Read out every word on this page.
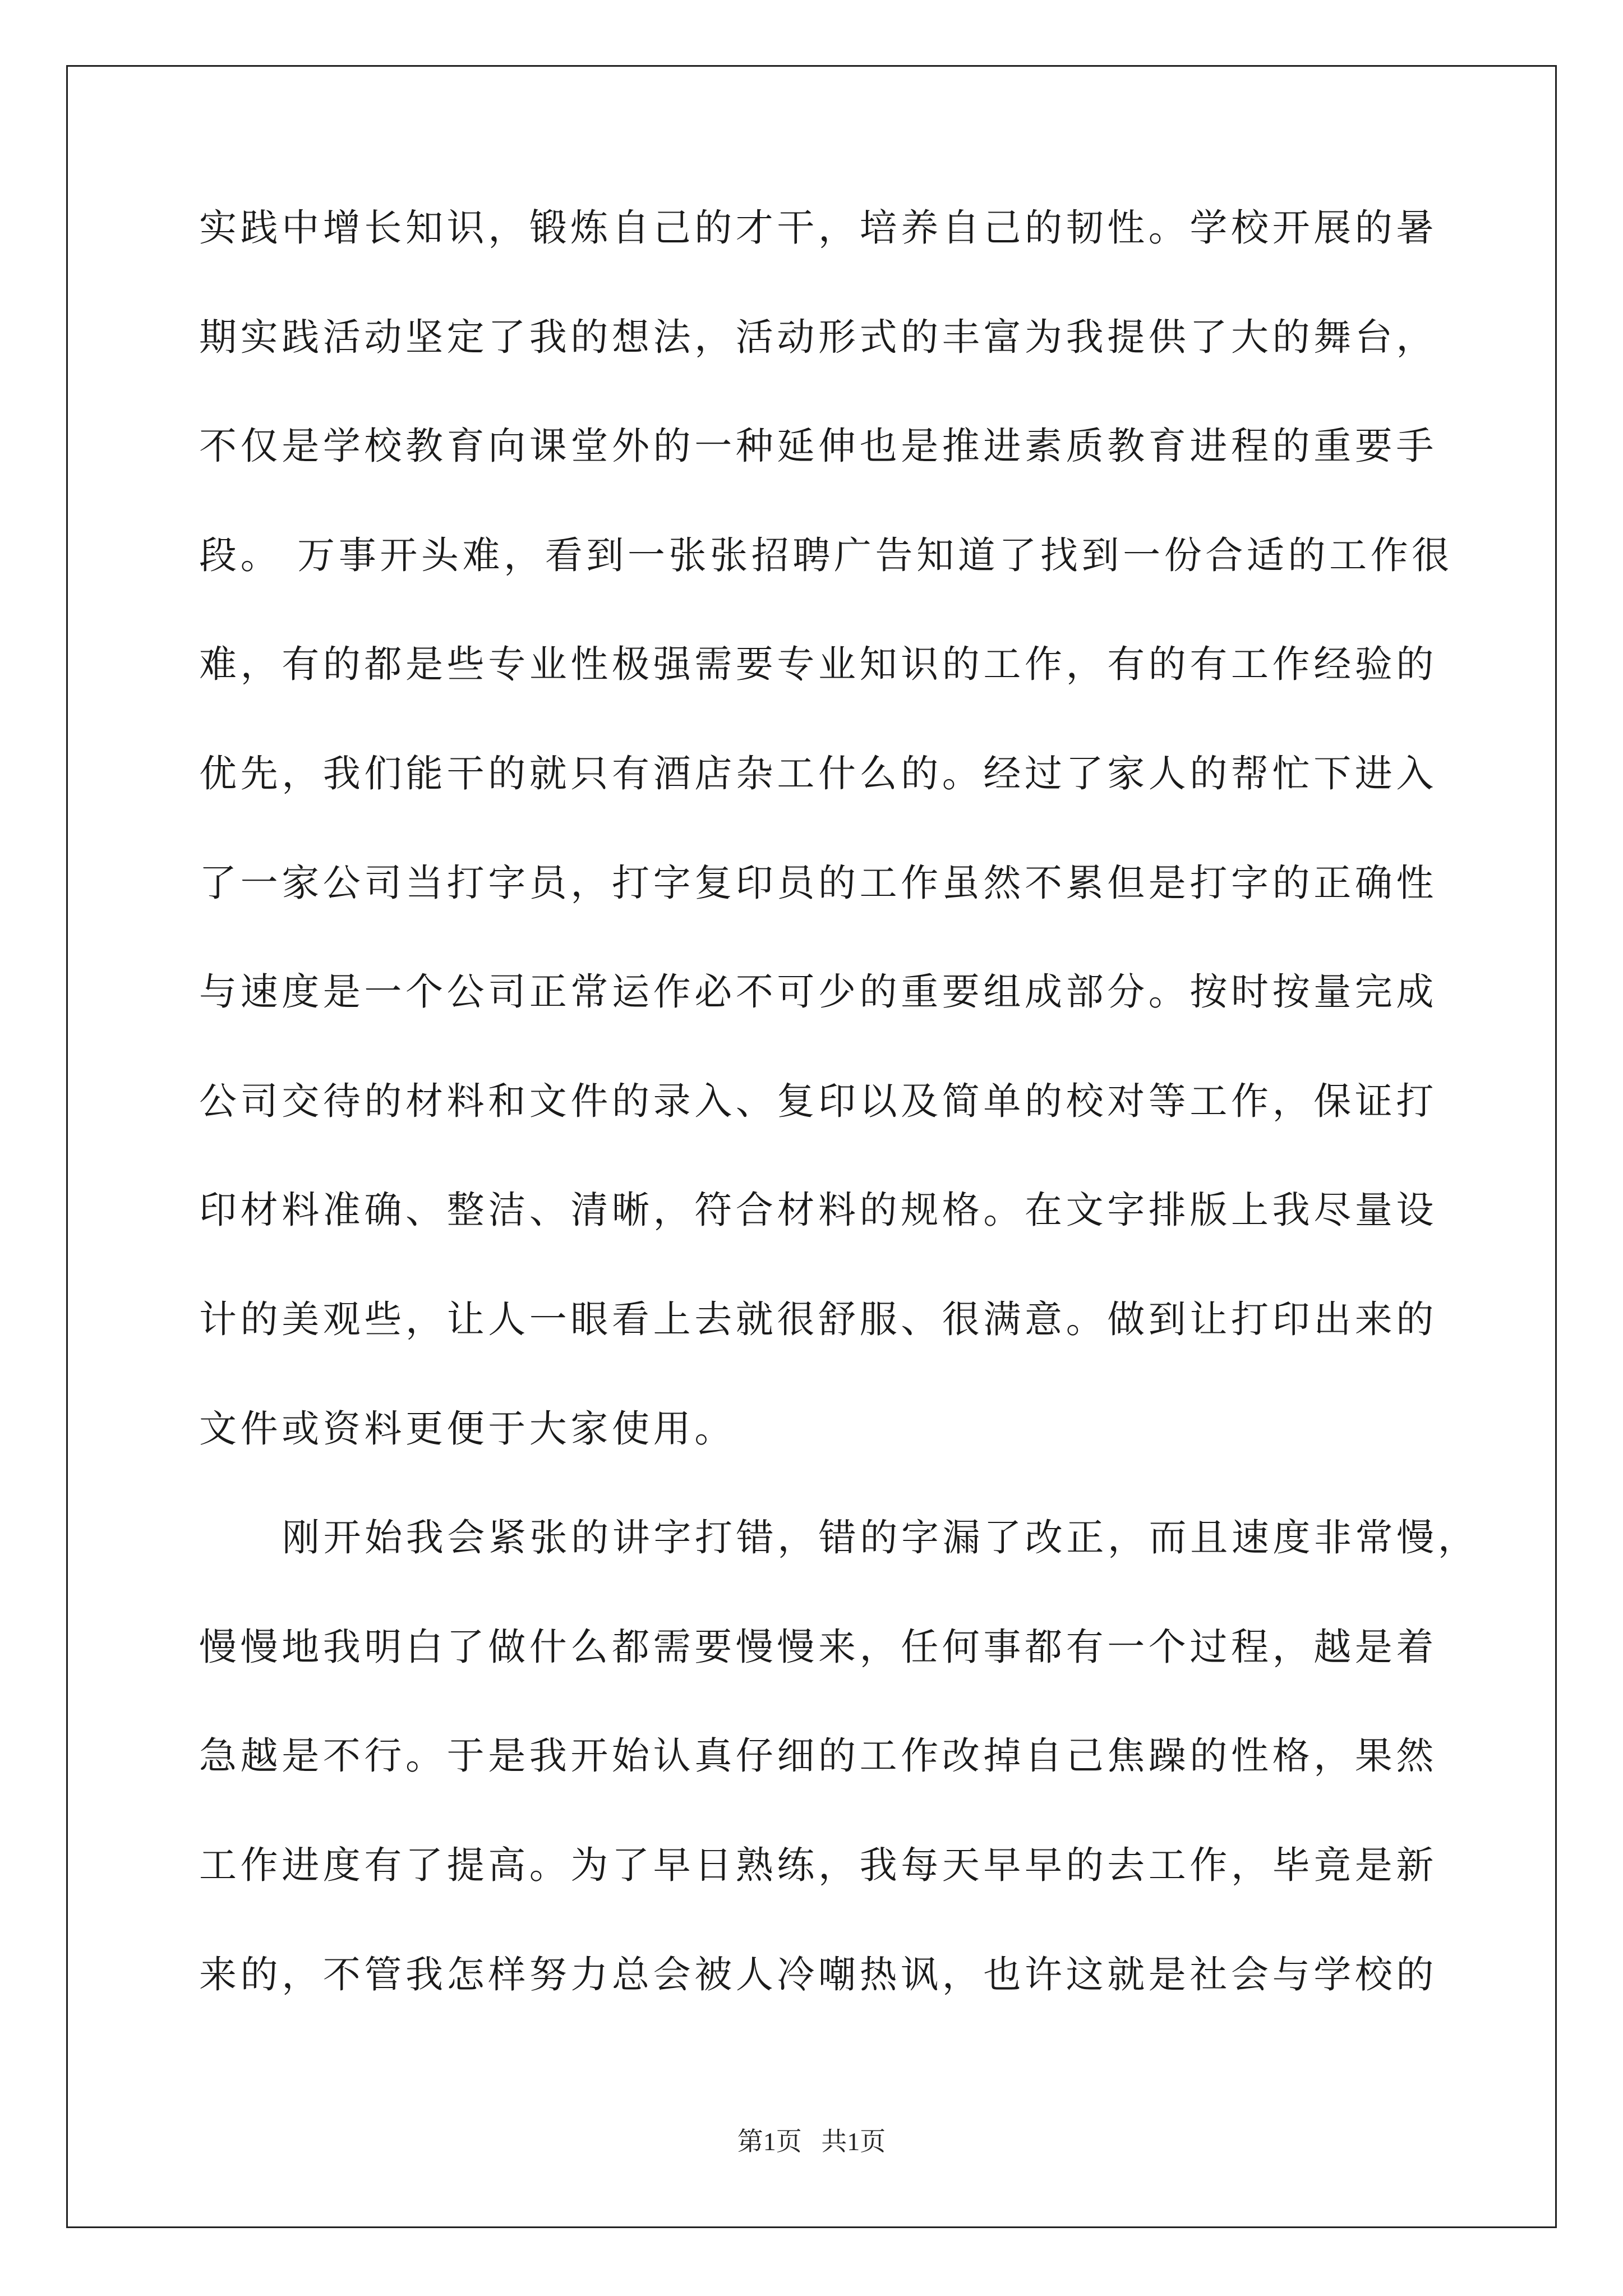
实践中增长知识，锻炼自己的才干，培养自己的韧性。学校开展的暑
期实践活动坚定了我的想法，活动形式的丰富为我提供了大的舞台，
不仅是学校教育向课堂外的一种延伸也是推进素质教育进程的重要手
段。 万事开头难，看到一张张招聘广告知道了找到一份合适的工作很
难，有的都是些专业性极强需要专业知识的工作，有的有工作经验的
优先，我们能干的就只有酒店杂工什么的。经过了家人的帮忙下进入
了一家公司当打字员，打字复印员的工作虽然不累但是打字的正确性
与速度是一个公司正常运作必不可少的重要组成部分。按时按量完成
公司交待的材料和文件的录入、复印以及简单的校对等工作，保证打
印材料准确、整洁、清晰，符合材料的规格。在文字排版上我尽量设
计的美观些，让人一眼看上去就很舒服、很满意。做到让打印出来的
文件或资料更便于大家使用。
刚开始我会紧张的讲字打错，错的字漏了改正，而且速度非常慢，
慢慢地我明白了做什么都需要慢慢来，任何事都有一个过程，越是着
急越是不行。于是我开始认真仔细的工作改掉自己焦躁的性格，果然
工作进度有了提高。为了早日熟练，我每天早早的去工作，毕竟是新
来的，不管我怎样努力总会被人冷嘲热讽，也许这就是社会与学校的
第1页   共1页
